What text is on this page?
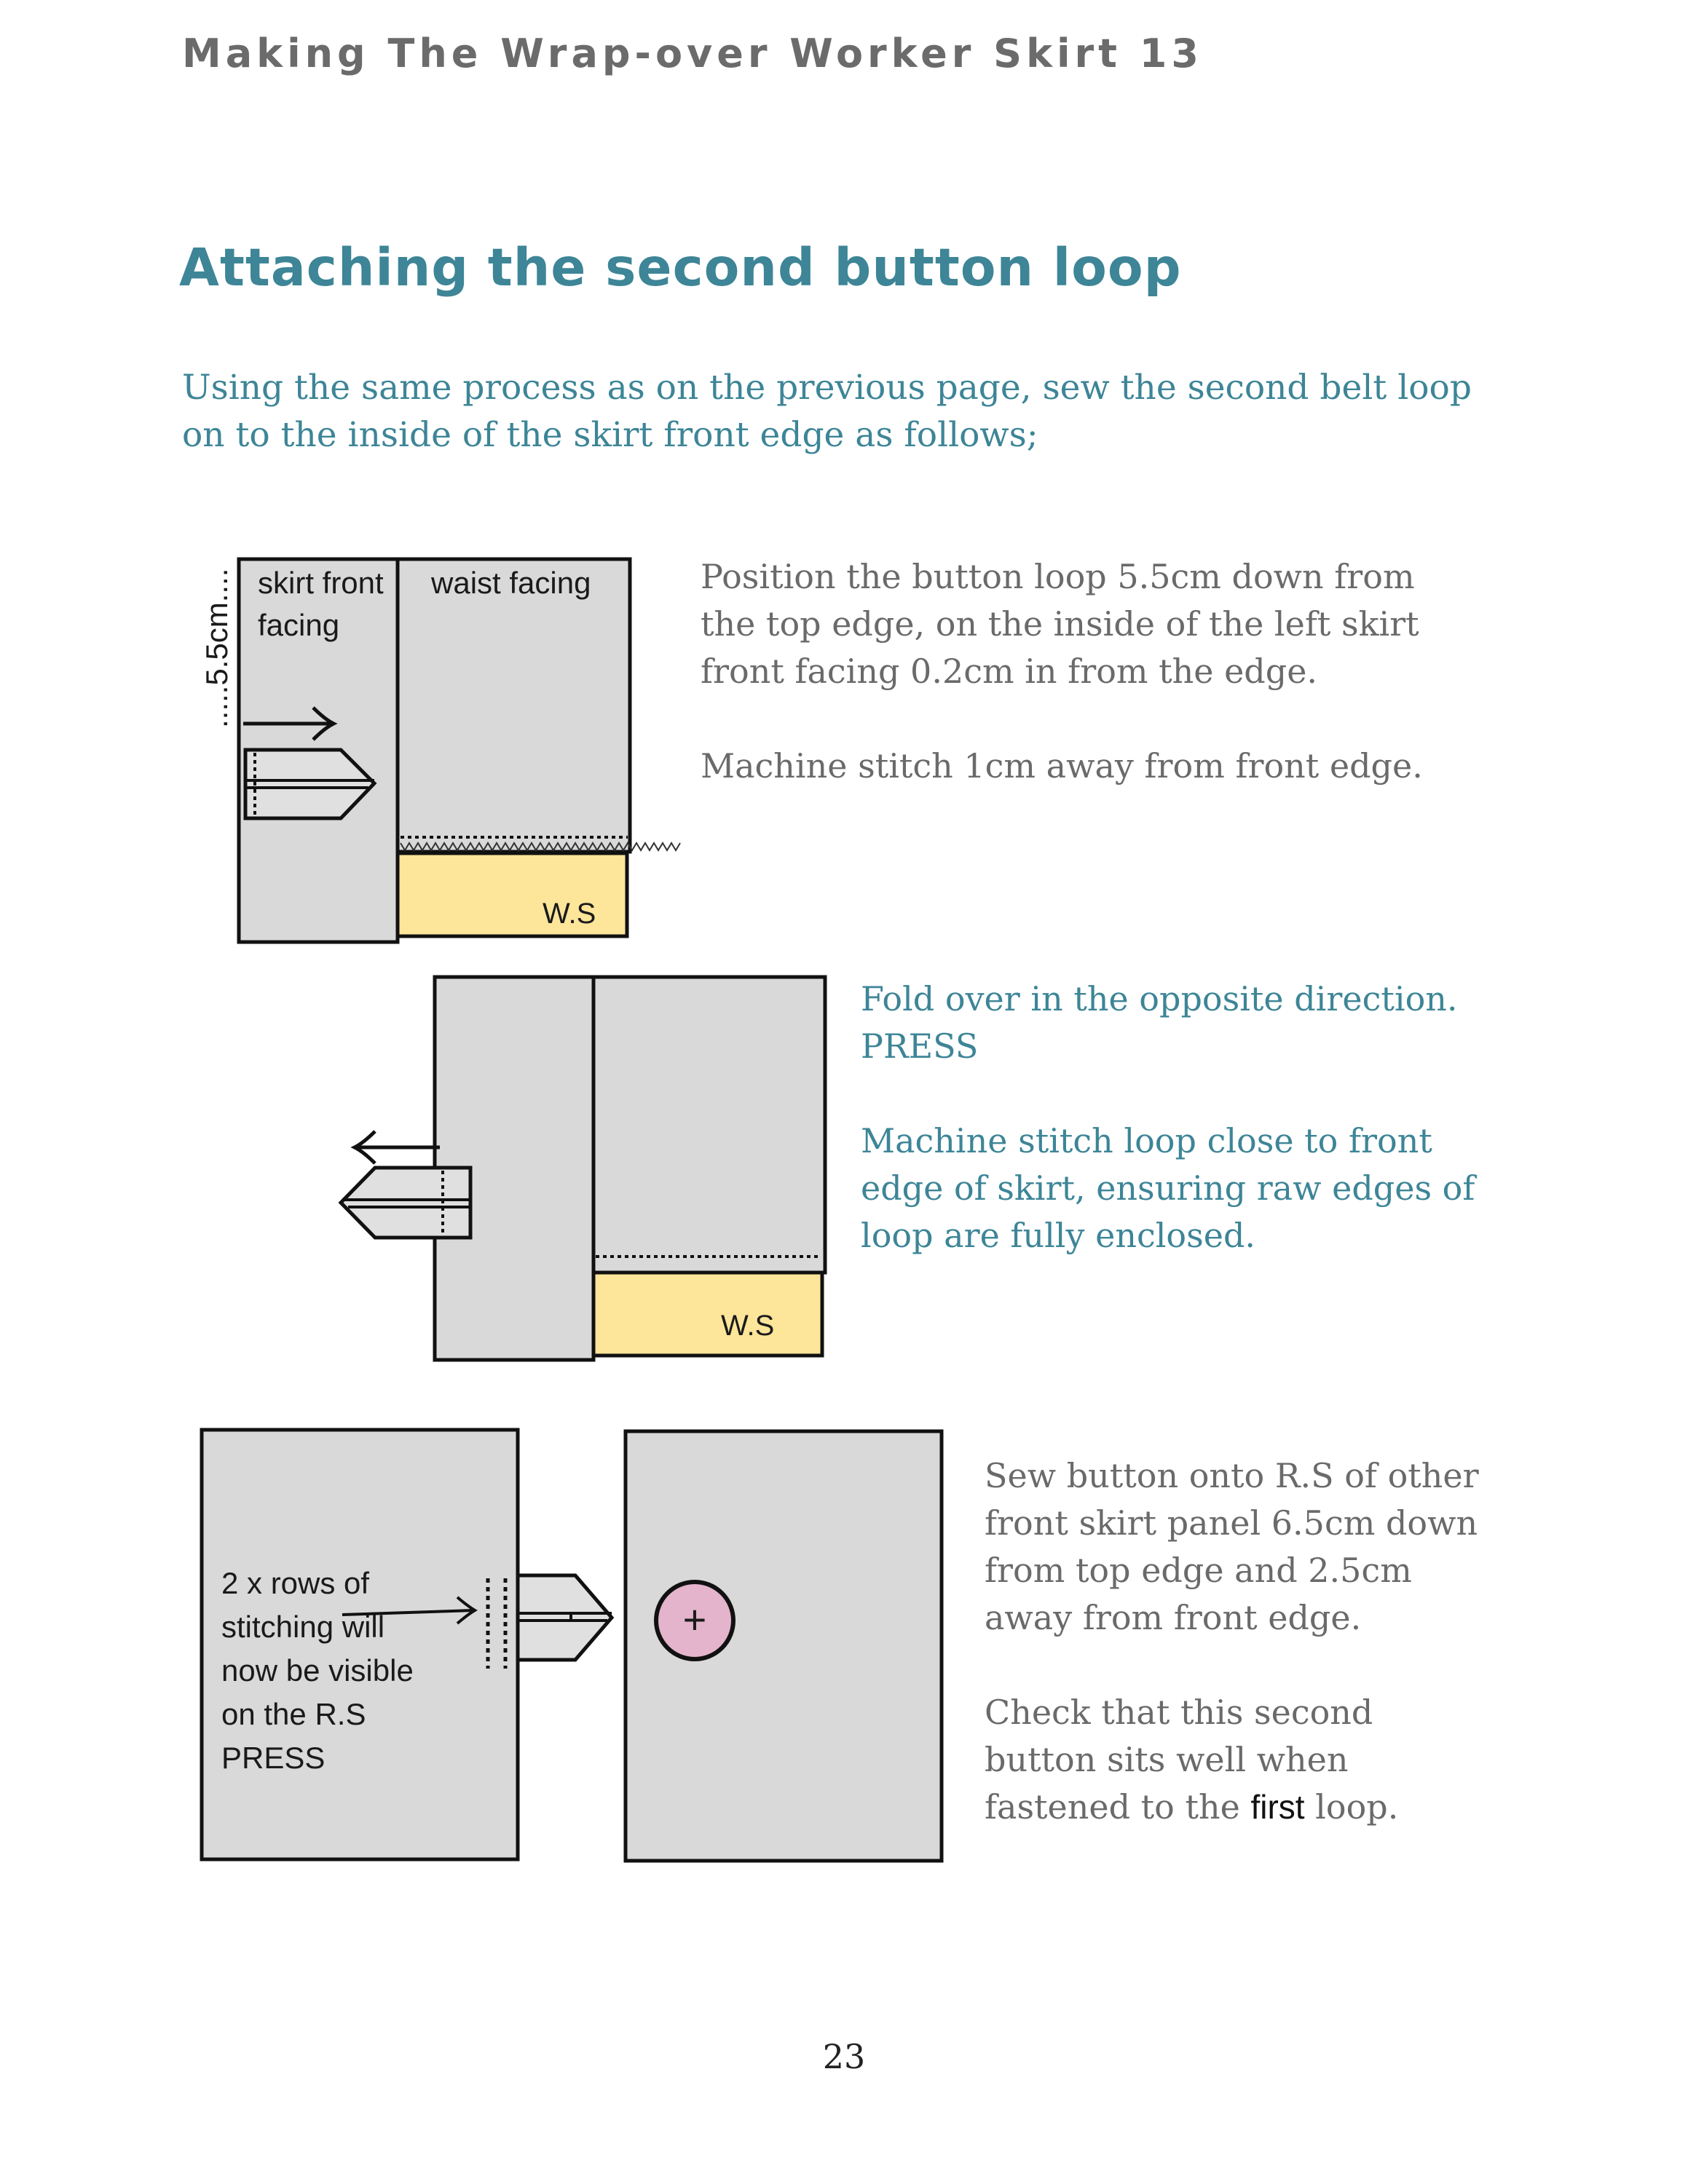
Making The Wrap-over Worker Skirt 13
Attaching the second button loop
Using the same process as on the previous page, sew the second belt loop
on to the inside of the skirt front edge as follows;
W.S
skirt front
facing
waist facing
.....5.5cm....	Position the button loop 5.5cm down from

the top edge, on the inside of the left skirt

front facing 0.2cm in from the edge.

Machine stitch 1cm away from front edge.

W.S

Fold over in the opposite direction.

PRESS

Machine stitch loop close to front

edge of skirt, ensuring raw edges of

loop are fully enclosed.

2 x rows of
stitching will
now be visible
on the R.S
PRESS
+

Sew button onto R.S of other

front skirt panel 6.5cm down

from top edge and 2.5cm

away from front edge.

Check that this second

button sits well when

fastened to the first loop.

23
